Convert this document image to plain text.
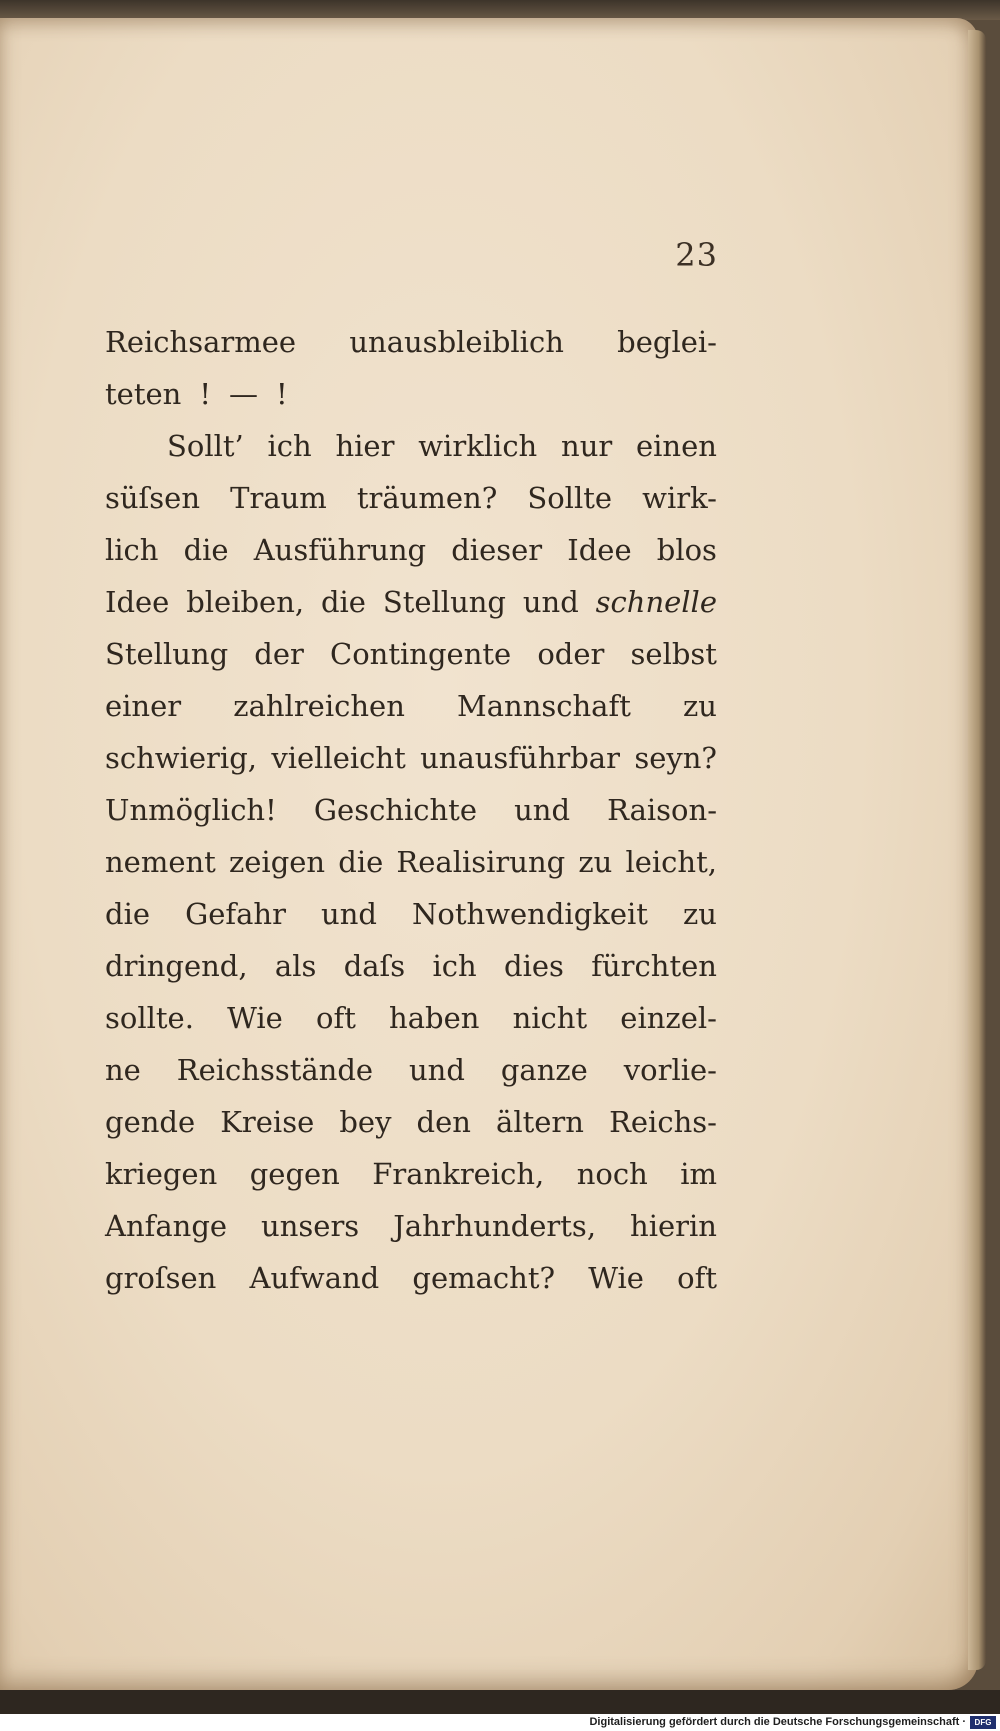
23
Reichsarmee unausbleiblich beglei-
teten ! — !
Sollt’ ich hier wirklich nur einen
süſsen Traum träumen? Sollte wirk-
lich die Ausführung dieser Idee blos
Idee bleiben, die Stellung und schnelle
Stellung der Contingente oder selbst
einer zahlreichen Mannschaft zu
schwierig, vielleicht unausführbar seyn?
Unmöglich! Geschichte und Raison-
nement zeigen die Realisirung zu leicht,
die Gefahr und Nothwendigkeit zu
dringend, als daſs ich dies fürchten
sollte. Wie oft haben nicht einzel-
ne Reichsstände und ganze vorlie-
gende Kreise bey den ältern Reichs-
kriegen gegen Frankreich, noch im
Anfange unsers Jahrhunderts, hierin
groſsen Aufwand gemacht? Wie oft
Digitalisierung gefördert durch die Deutsche Forschungsgemeinschaft ·	DFG
